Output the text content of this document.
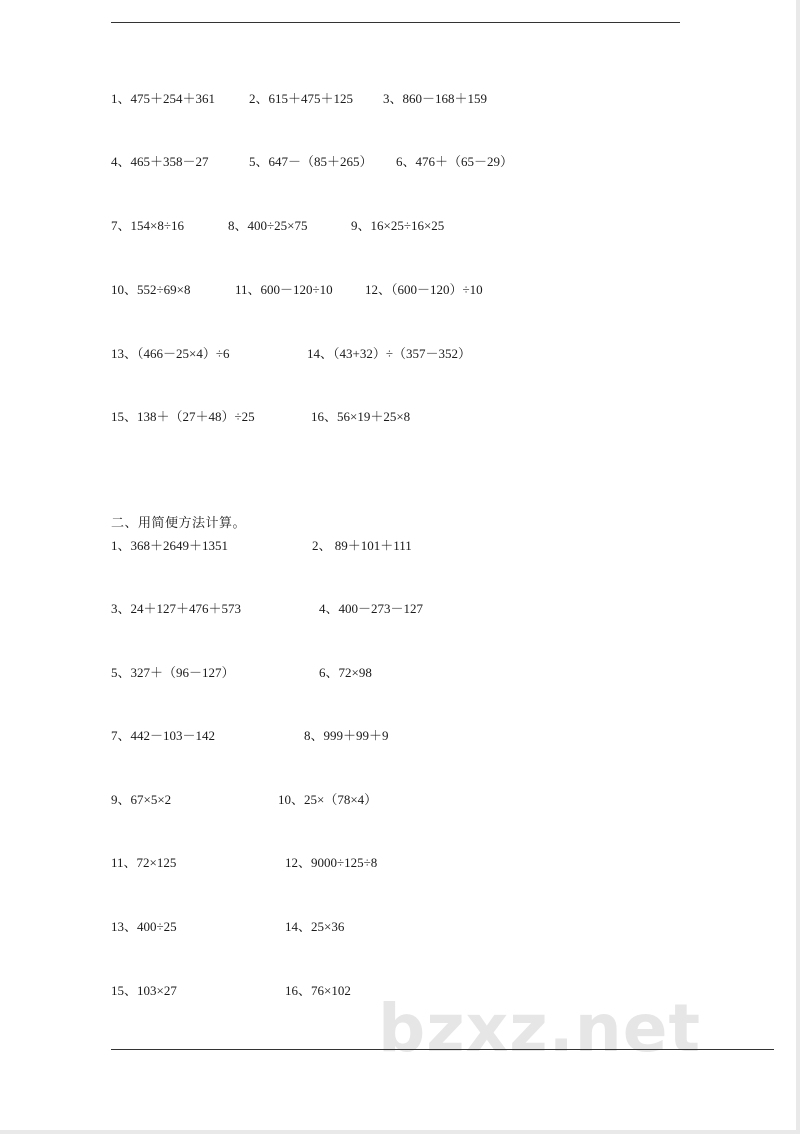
1、475＋254＋361	2、615＋475＋125 3、860－168＋159
4、465＋358－27	5、647－（85＋265） 6、476＋（65－29）
7、154×8÷16	8、400÷25×75	9、16×25÷16×25
10、552÷69×8	11、600－120÷10 12、（600－120）÷10
13、（466－25×4）÷6	14、（43+32）÷（357－352）
15、138＋（27＋48）÷25	16、56×19＋25×8
二、用简便方法计算。
1、368＋2649＋1351	2、 89＋101＋111
3、24＋127＋476＋573	4、400－273－127
5、327＋（96－127）	6、72×98
7、442－103－142	8、999＋99＋9
9、67×5×2	10、25×（78×4）
11、72×125	12、9000÷125÷8
13、400÷25	14、25×36
15、103×27	16、76×102 bzxz.net
